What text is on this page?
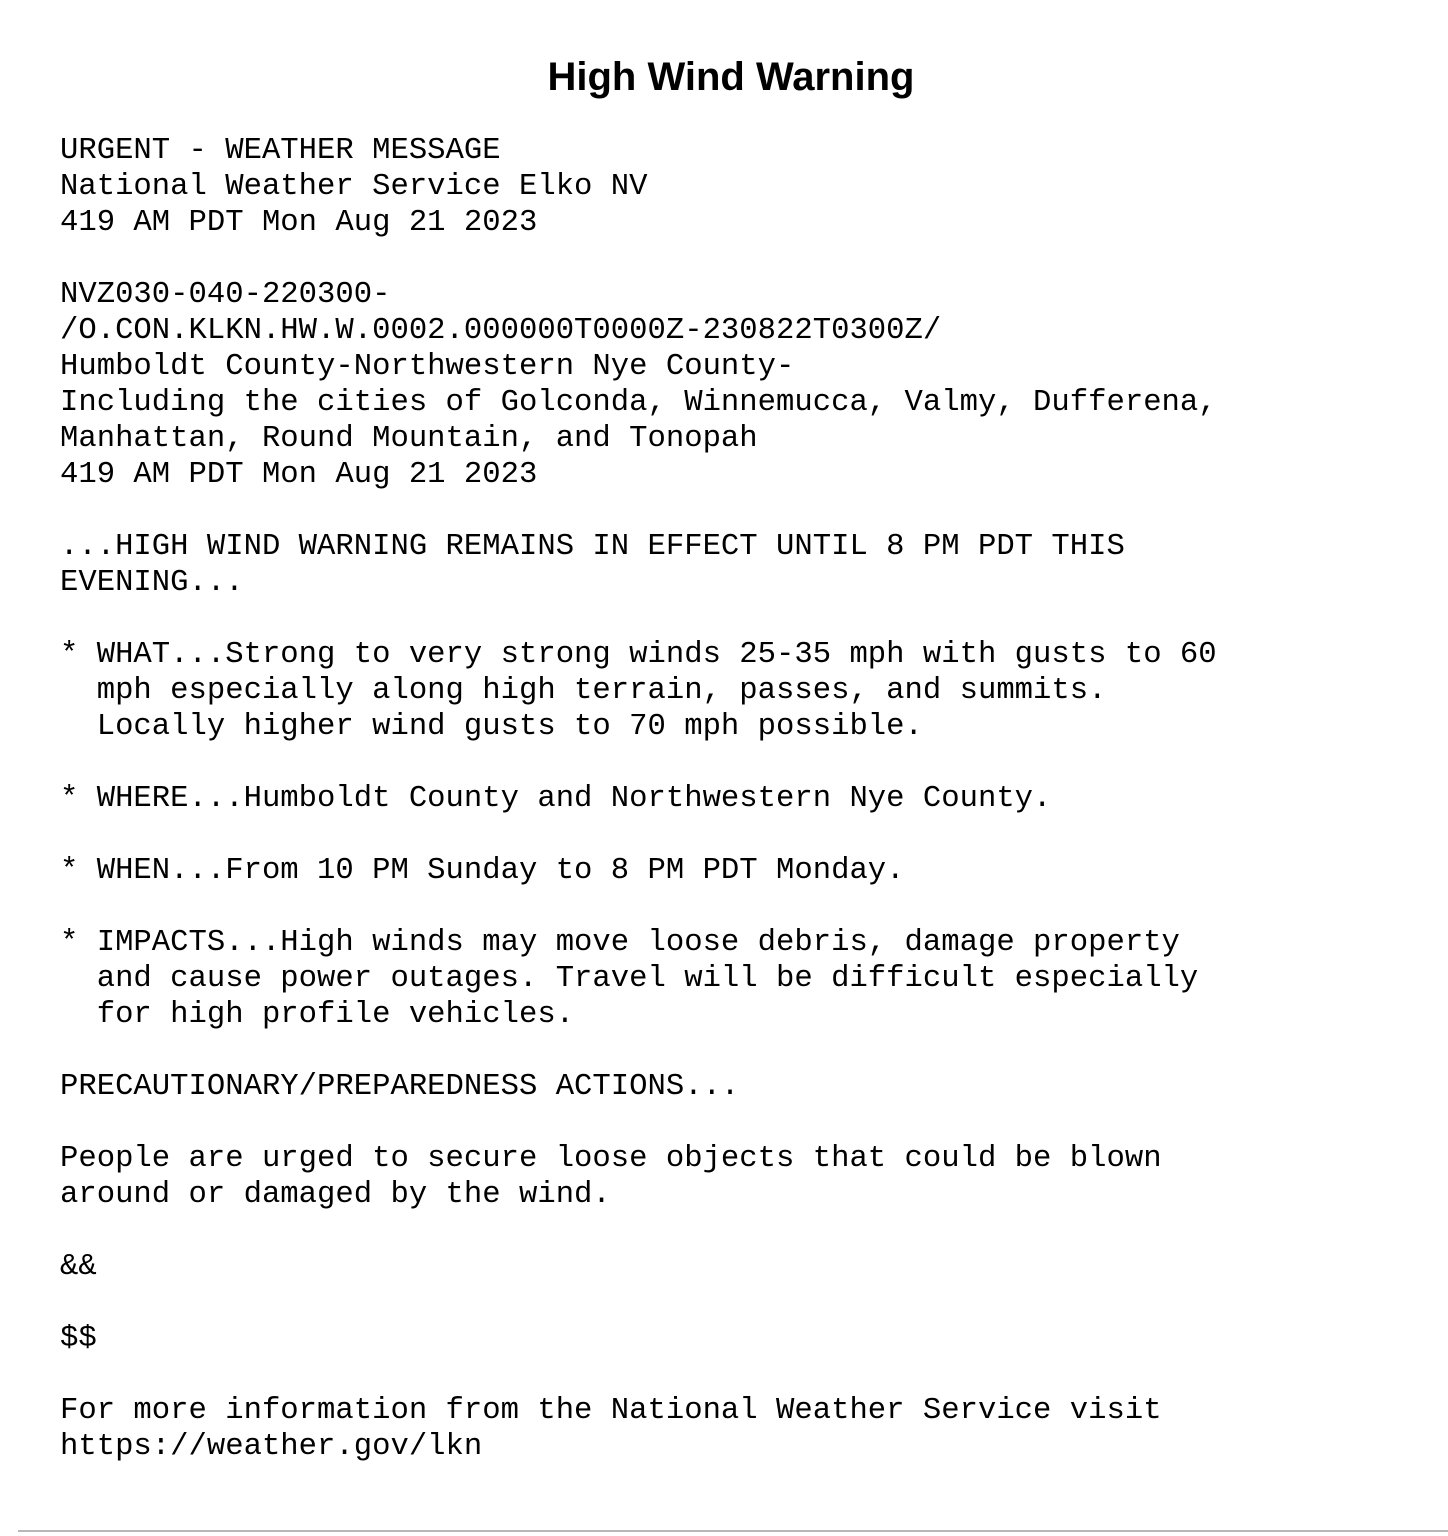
High Wind Warning
URGENT - WEATHER MESSAGE
National Weather Service Elko NV
419 AM PDT Mon Aug 21 2023
NVZ030-040-220300-
/O.CON.KLKN.HW.W.0002.000000T0000Z-230822T0300Z/
Humboldt County-Northwestern Nye County-
Including the cities of Golconda, Winnemucca, Valmy, Dufferena,
Manhattan, Round Mountain, and Tonopah
419 AM PDT Mon Aug 21 2023
...HIGH WIND WARNING REMAINS IN EFFECT UNTIL 8 PM PDT THIS
EVENING...
* WHAT...Strong to very strong winds 25-35 mph with gusts to 60
mph especially along high terrain, passes, and summits.
Locally higher wind gusts to 70 mph possible.
* WHERE...Humboldt County and Northwestern Nye County.
* WHEN...From 10 PM Sunday to 8 PM PDT Monday.
* IMPACTS...High winds may move loose debris, damage property
and cause power outages. Travel will be difficult especially
for high profile vehicles.
PRECAUTIONARY/PREPAREDNESS ACTIONS...
People are urged to secure loose objects that could be blown
around or damaged by the wind.
&&
$$
For more information from the National Weather Service visit
https://weather.gov/lkn
